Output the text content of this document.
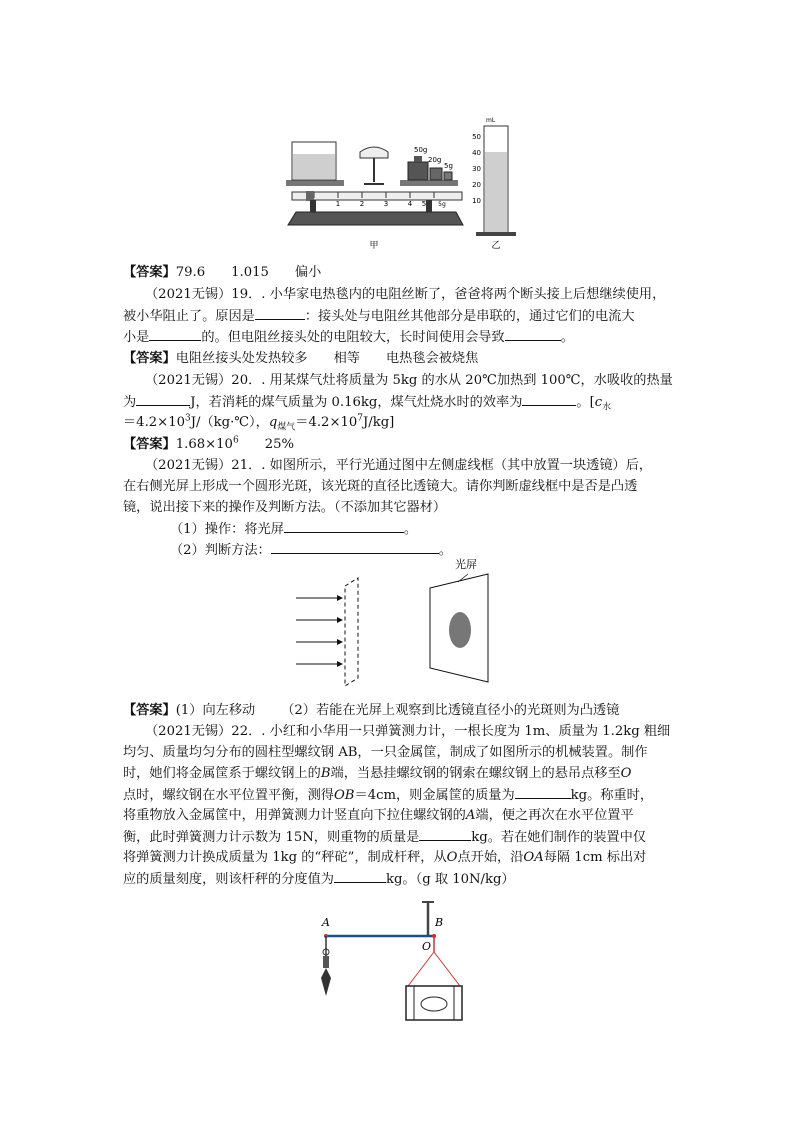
1	2	3	4 5 5g
50g
20g
5g
甲
mL
50
40
30
20
10
乙
【答案】79.6 1.015 偏小
（2021无锡）19．. 小华家电热毯内的电阻丝断了，爸爸将两个断头接上后想继续使用，
被小华阻止了。原因是	：接头处与电阻丝其他部分是串联的，通过它们的电流大
小是	的。但电阻丝接头处的电阻较大，长时间使用会导致	。
【答案】电阻丝接头处发热较多 相等 电热毯会被烧焦
（2021无锡）20．. 用某煤气灶将质量为 5kg 的水从 20℃加热到 100℃，水吸收的热量
为	J，若消耗的煤气质量为 0.16kg，煤气灶烧水时的效率为	。[$c_水$
$=4.2\times 10^3J/(kg\cdot℃)$，$q_{煤气}=4.2\times 10^7J/kg$]
【答案】$1.68\times 10^6$ 25%
（2021无锡）21．. 如图所示，平行光通过图中左侧虚线框（其中放置一块透镜）后，
在右侧光屏上形成一个圆形光斑，该光斑的直径比透镜大。请你判断虚线框中是否是凸透
镜，说出接下来的操作及判断方法。（不添加其它器材）
（1）操作：将光屏	。
（2）判断方法：	。
光屏
【答案】(1）向左移动 （2）若能在光屏上观察到比透镜直径小的光斑则为凸透镜
（2021无锡）22．. 小红和小华用一只弹簧测力计，一根长度为 1m、质量为 1.2kg 粗细
均匀、质量均匀分布的圆柱型螺纹钢 AB，一只金属筐，制成了如图所示的机械装置。制作
时，她们将金属筐系于螺纹钢上的B端，当悬挂螺纹钢的钢索在螺纹钢上的悬吊点移至O
点时，螺纹钢在水平位置平衡，测得OB＝4cm，则金属筐的质量为	kg。称重时，
将重物放入金属筐中，用弹簧测力计竖直向下拉住螺纹钢的A端，便之再次在水平位置平
衡，此时弹簧测力计示数为 15N，则重物的质量是	kg。若在她们制作的装置中仅
将弹簧测力计换成质量为 1kg 的“秤砣”，制成杆秤，从O点开始，沿OA每隔 1cm 标出对
应的质量刻度，则该杆秤的分度值为	kg。（g 取 10N/kg）
A	B
O
